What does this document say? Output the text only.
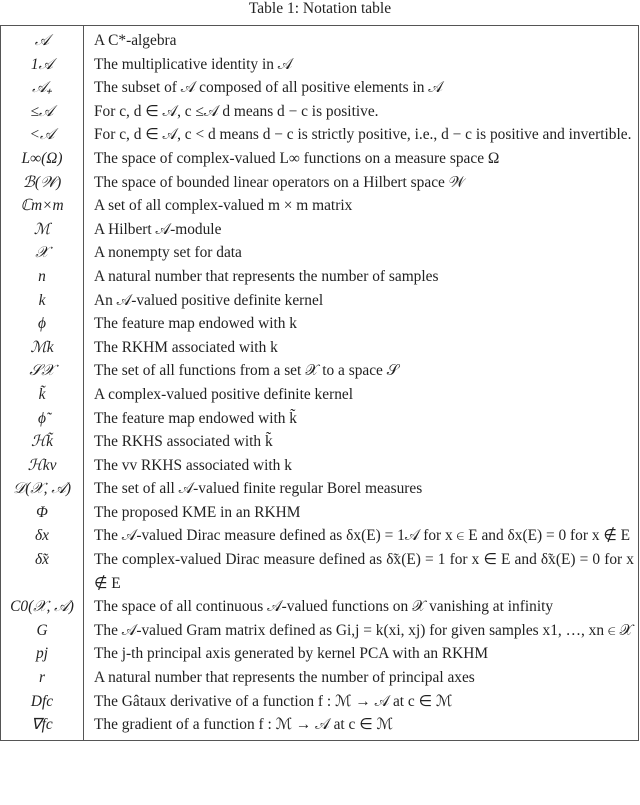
Table 1: Notation table
𝒜	A C*-algebra
1𝒜	The multiplicative identity in 𝒜
𝒜₊	The subset of 𝒜 composed of all positive elements in 𝒜
≤𝒜	For c, d ∈ 𝒜, c ≤𝒜 d means d − c is positive.
<𝒜	For c, d ∈ 𝒜, c < d means d − c is strictly positive, i.e., d − c is positive and invertible.
L∞(Ω)	The space of complex-valued L∞ functions on a measure space Ω
ℬ(𝒲)	The space of bounded linear operators on a Hilbert space 𝒲
ℂm×m	A set of all complex-valued m × m matrix
ℳ	A Hilbert 𝒜-module
𝒳	A nonempty set for data
n	A natural number that represents the number of samples
k	An 𝒜-valued positive definite kernel
ϕ	The feature map endowed with k
ℳk	The RKHM associated with k
𝒮𝒳	The set of all functions from a set 𝒳 to a space 𝒮
k̃	A complex-valued positive definite kernel
ϕ̃	The feature map endowed with k̃
ℋk̃	The RKHS associated with k̃
ℋkv	The vv RKHS associated with k
𝒟(𝒳, 𝒜)	The set of all 𝒜-valued finite regular Borel measures
Φ	The proposed KME in an RKHM
δx	The 𝒜-valued Dirac measure defined as δx(E) = 1𝒜 for x ∈ E and δx(E) = 0 for x ∉ E
δ̃x	The complex-valued Dirac measure defined as δ̃x(E) = 1 for x ∈ E and δ̃x(E) = 0 for x ∉ E
C0(𝒳, 𝒜)	The space of all continuous 𝒜-valued functions on 𝒳 vanishing at infinity
G	The 𝒜-valued Gram matrix defined as Gi,j = k(xi, xj) for given samples x1, …, xn ∈ 𝒳
pj	The j-th principal axis generated by kernel PCA with an RKHM
r	A natural number that represents the number of principal axes
Dfc	The Gâtaux derivative of a function f : ℳ → 𝒜 at c ∈ ℳ
∇fc	The gradient of a function f : ℳ → 𝒜 at c ∈ ℳ
